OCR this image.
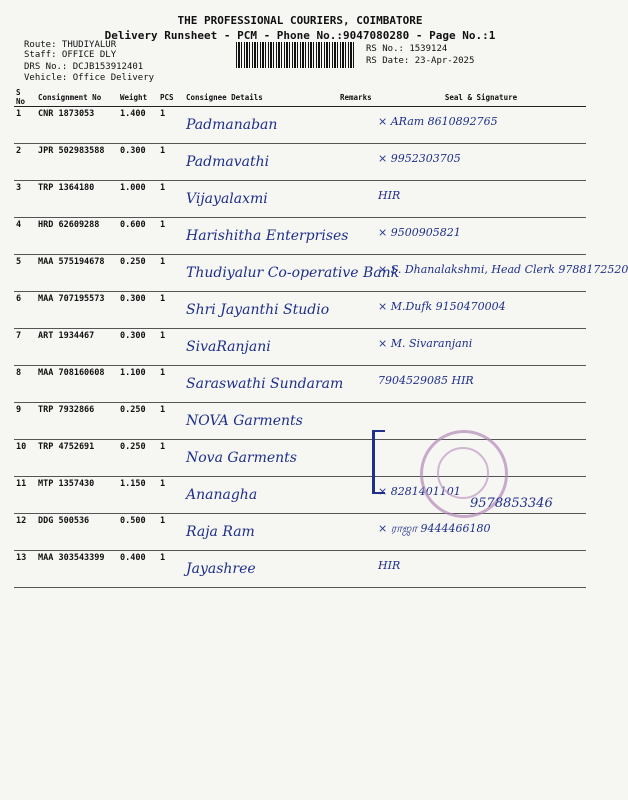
THE PROFESSIONAL COURIERS, COIMBATORE
Delivery Runsheet - PCM - Phone No.:9047080280 - Page No.:1
Route: THUDIYALUR
Staff: OFFICE DLY
DRS No.: DCJB153912401
Vehicle: Office Delivery
RS No.: 1539124
RS Date: 23-Apr-2025
S No	Consignment No	Weight	PCS	Consignee Details	Remarks	Seal & Signature
1	CNR 1873053	1.400	1	Padmanaban		× ARam 8610892765
2	JPR 502983588	0.300	1	Padmavathi		× 9952303705
3	TRP 1364180	1.000	1	Vijayalaxmi		HIR
4	HRD 62609288	0.600	1	Harishitha Enterprises		× 9500905821
5	MAA 575194678	0.250	1	Thudiyalur Co-operative Bank		× S. Dhanalakshmi, Head Clerk 9788172520
6	MAA 707195573	0.300	1	Shri Jayanthi Studio		× M.Dufk 9150470004
7	ART 1934467	0.300	1	SivaRanjani		× M. Sivaranjani
8	MAA 708160608	1.100	1	Saraswathi Sundaram		7904529085 HIR
9	TRP 7932866	0.250	1	NOVA Garments		
10	TRP 4752691	0.250	1	Nova Garments		
11	MTP 1357430	1.150	1	Ananagha		× 8281401101
12	DDG 500536	0.500	1	Raja Ram		× ராஜா 9444466180
13	MAA 303543399	0.400	1	Jayashree		HIR
9578853346
